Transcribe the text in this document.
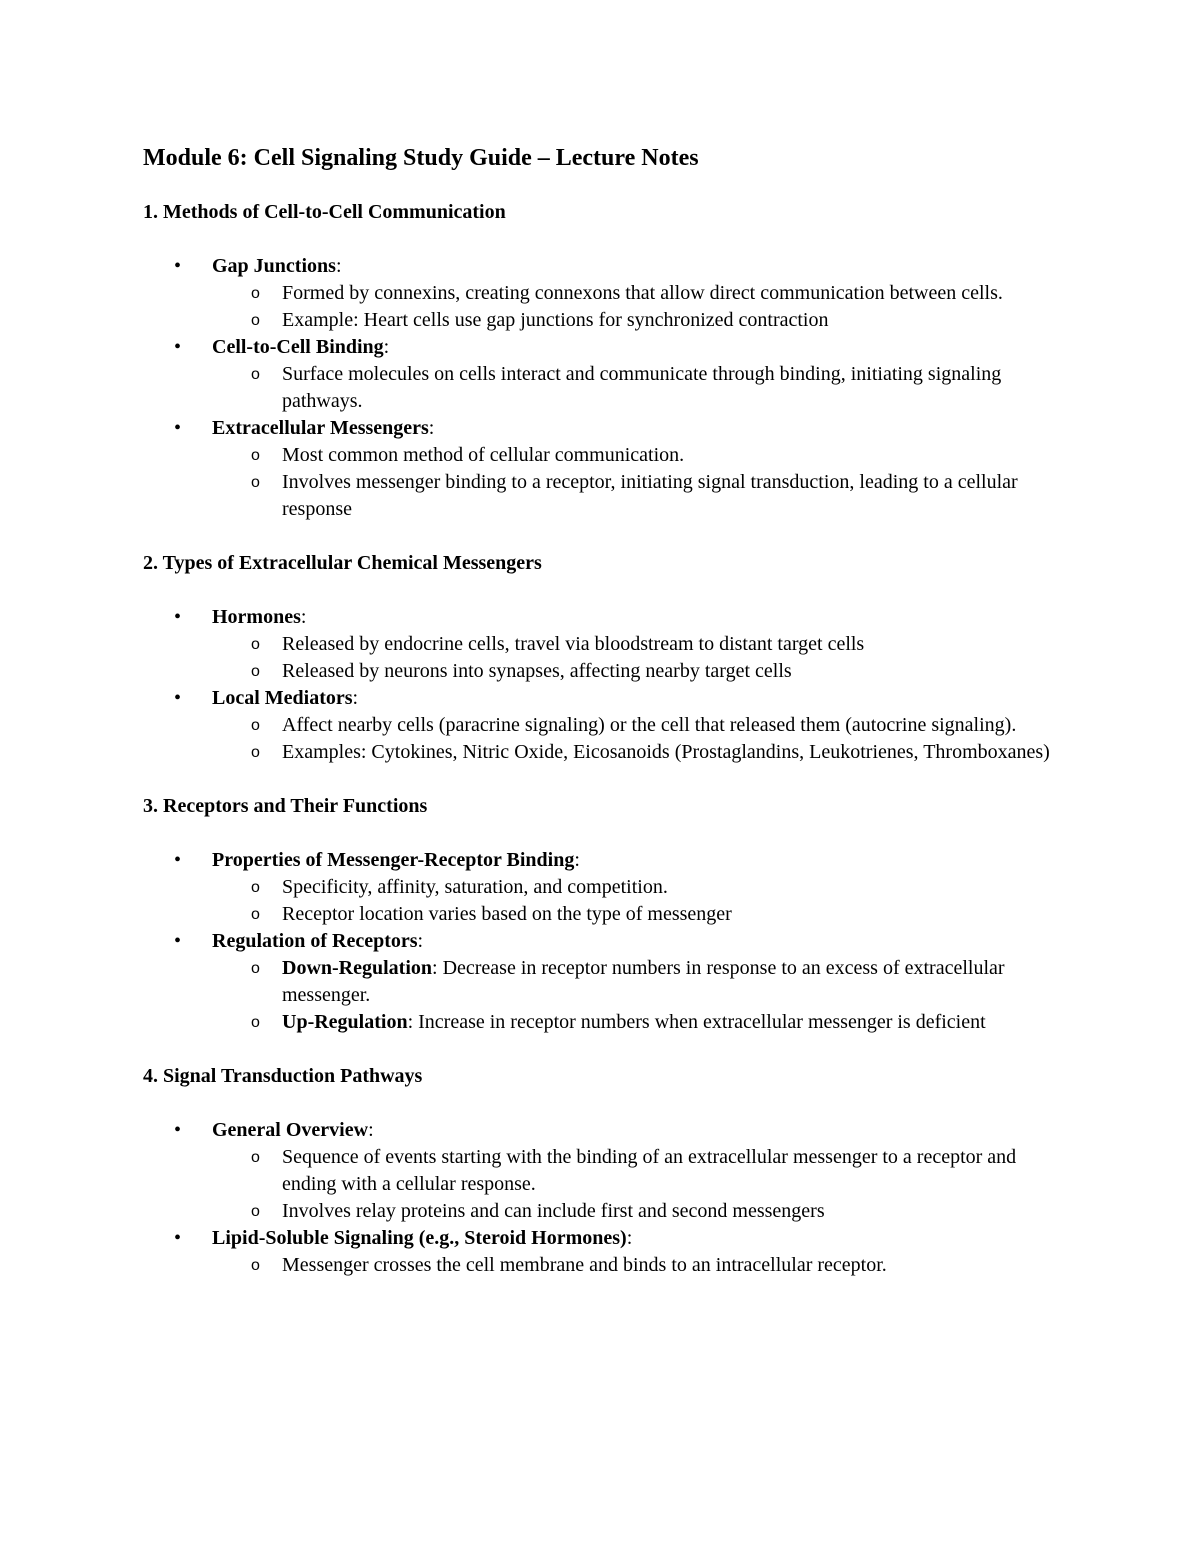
Module 6: Cell Signaling Study Guide – Lecture Notes
1. Methods of Cell-to-Cell Communication
• Gap Junctions:
o Formed by connexins, creating connexons that allow direct communication between cells.
o Example: Heart cells use gap junctions for synchronized contraction
• Cell-to-Cell Binding:
o Surface molecules on cells interact and communicate through binding, initiating signaling pathways.
• Extracellular Messengers:
o Most common method of cellular communication.
o Involves messenger binding to a receptor, initiating signal transduction, leading to a cellular response
2. Types of Extracellular Chemical Messengers
• Hormones:
o Released by endocrine cells, travel via bloodstream to distant target cells
o Released by neurons into synapses, affecting nearby target cells
• Local Mediators:
o Affect nearby cells (paracrine signaling) or the cell that released them (autocrine signaling).
o Examples: Cytokines, Nitric Oxide, Eicosanoids (Prostaglandins, Leukotrienes, Thromboxanes)
3. Receptors and Their Functions
• Properties of Messenger-Receptor Binding:
o Specificity, affinity, saturation, and competition.
o Receptor location varies based on the type of messenger
• Regulation of Receptors:
o Down-Regulation: Decrease in receptor numbers in response to an excess of extracellular messenger.
o Up-Regulation: Increase in receptor numbers when extracellular messenger is deficient
4. Signal Transduction Pathways
• General Overview:
o Sequence of events starting with the binding of an extracellular messenger to a receptor and ending with a cellular response.
o Involves relay proteins and can include first and second messengers
• Lipid-Soluble Signaling (e.g., Steroid Hormones):
o Messenger crosses the cell membrane and binds to an intracellular receptor.
